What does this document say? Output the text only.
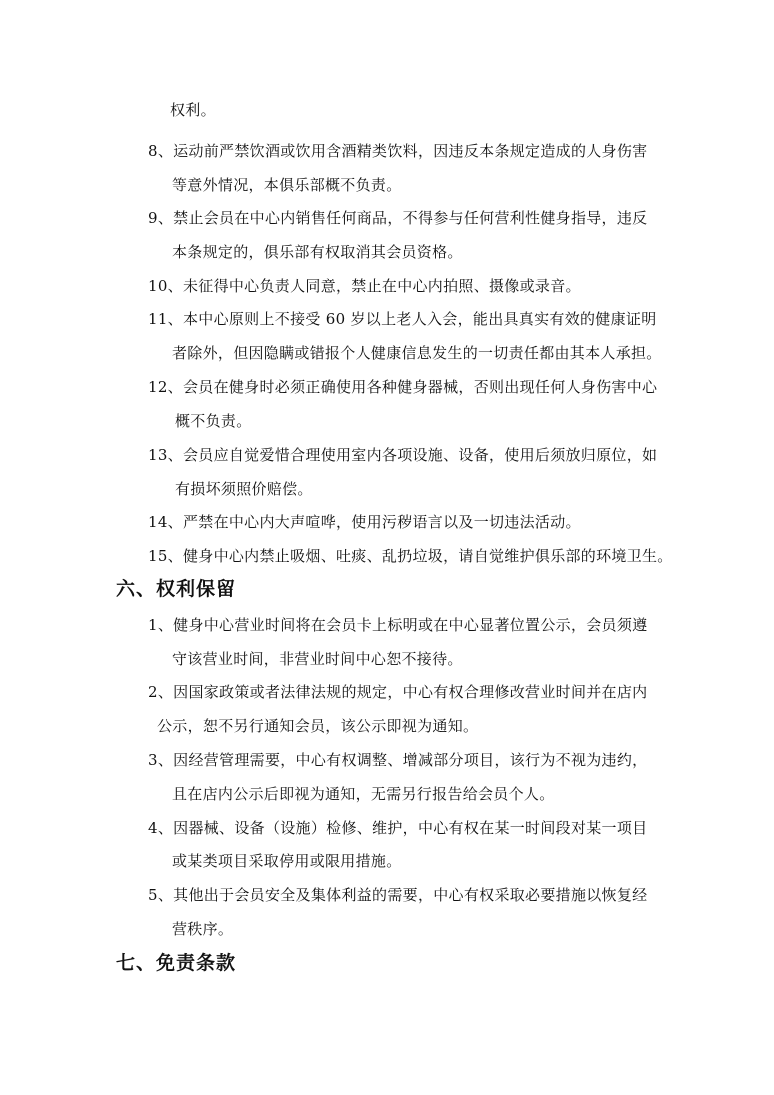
权利。
8、运动前严禁饮酒或饮用含酒精类饮料，因违反本条规定造成的人身伤害
等意外情况，本俱乐部概不负责。
9、禁止会员在中心内销售任何商品，不得参与任何营利性健身指导，违反
本条规定的，俱乐部有权取消其会员资格。
10、未征得中心负责人同意，禁止在中心内拍照、摄像或录音。
11、本中心原则上不接受 60 岁以上老人入会，能出具真实有效的健康证明
者除外，但因隐瞒或错报个人健康信息发生的一切责任都由其本人承担。
12、会员在健身时必须正确使用各种健身器械，否则出现任何人身伤害中心
概不负责。
13、会员应自觉爱惜合理使用室内各项设施、设备，使用后须放归原位，如
有损坏须照价赔偿。
14、严禁在中心内大声喧哗，使用污秽语言以及一切违法活动。
15、健身中心内禁止吸烟、吐痰、乱扔垃圾，请自觉维护俱乐部的环境卫生。
六、权利保留
1、健身中心营业时间将在会员卡上标明或在中心显著位置公示，会员须遵
守该营业时间，非营业时间中心恕不接待。
2、因国家政策或者法律法规的规定，中心有权合理修改营业时间并在店内
公示，恕不另行通知会员，该公示即视为通知。
3、因经营管理需要，中心有权调整、增减部分项目，该行为不视为违约，
且在店内公示后即视为通知，无需另行报告给会员个人。
4、因器械、设备（设施）检修、维护，中心有权在某一时间段对某一项目
或某类项目采取停用或限用措施。
5、其他出于会员安全及集体利益的需要，中心有权采取必要措施以恢复经
营秩序。
七、免责条款
